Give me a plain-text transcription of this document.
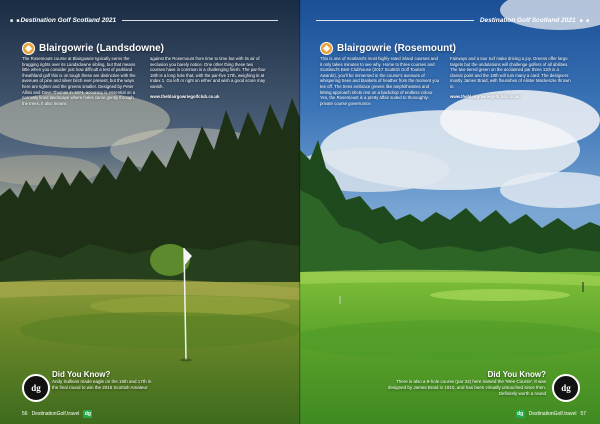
■ ■ Destination Golf Scotland 2021
Blairgowrie (Landsdowne)

The Rosemount course at Blairgowrie typically earns the bragging rights over its Landsdowne sibling, but that means little when you consider just how difficult a test of parkland /heathland golf this is on tough these are distinctive with the avenues of pine and silver birch ever present, but the ways here are tighter and the greens smaller. Designed by Peter Alliss and Dave Thomas in 1974, accuracy is essential on a narrowly lined landscape where holes carve gently through the trees. It also means

against the Rosemount from time to time but with its air of seclusion you barely notice. One other thing these two courses have in common is a challenging finish. The par-four 18th is a long hole that, with the par-five 17th, weighing in at Index 1. Go left or right on either and wish a good score may vanish.

www.theblairgowriegolfclub.co.uk

dg
Did You Know?
Andy Sullivan made eagle on the 15th and 17th in the final round to win the 2015 Scottish Amateur
56 DestinationGolf.travel dg
Destination Golf Scotland 2021 ■ ■
Blairgowrie (Rosemount)

This is one of Scotland's most highly-rated inland courses and it only takes minutes to see why. Home to three courses and Scotland's Best Clubhouse (2017 Scottish Golf Tourism Awards), you'll be immersed in the course's avenues of whispering trees and blankets of heather from the moment you tee off. The trees embrace greens like amphitheatres and letting approach shots rest on a backdrop of endless colour. Yes, the Rosemount is a pretty affair suited to thoroughly-private course governance.

Fairways and a tour turf make driving a joy. Greens offer large targets but the undulations will challenge golfers of all abilities. The two-tiered green on the acclaimed par three 11th is a classic point and the 18th will ruin many a card. The designers mostly James Braid, with flourishes of Alister Mackenzie thrown in.

www.theblairgowriegolfclub.co.uk

Did You Know?
There is also a 9-hole course (par 32) here named the 'Wee Course'. It was designed by James Braid in 1910, and has been virtually untouched since then. Definitely worth a round
dg
dg DestinationGolf.travel 57
